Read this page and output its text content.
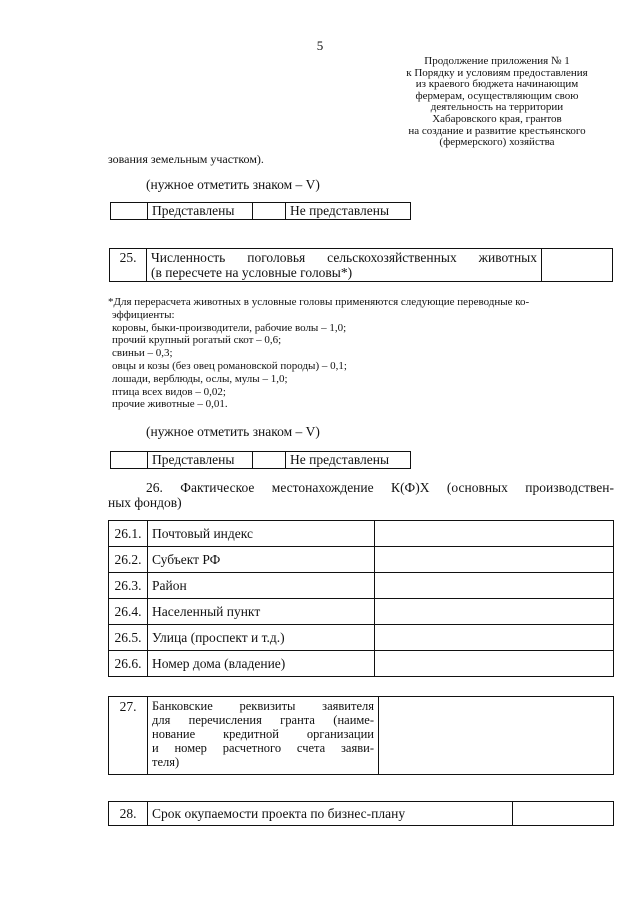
5
Продолжение приложения № 1
к Порядку и условиям предоставления
из краевого бюджета начинающим
фермерам, осуществляющим свою
деятельность на территории
Хабаровского края, грантов
на создание и развитие крестьянского
(фермерского) хозяйства
зования земельным участком).
(нужное отметить знаком – V)
	Представлены		Не представлены
25.	Численность поголовья сельскохозяйственных животных
(в пересчете на условные головы*)

*Для перерасчета животных в условные головы применяются следующие переводные ко-
эффициенты:
коровы, быки-производители, рабочие волы – 1,0;
прочий крупный рогатый скот – 0,6;
свиньи – 0,3;
овцы и козы (без овец романовской породы) – 0,1;
лошади, верблюды, ослы, мулы – 1,0;
птица всех видов – 0,02;
прочие животные – 0,01.
(нужное отметить знаком – V)
	Представлены		Не представлены
26. Фактическое местонахождение К(Ф)Х (основных производствен-
ных фондов)
26.1.	Почтовый индекс	
26.2.	Субъект РФ	
26.3.	Район	
26.4.	Населенный пункт	
26.5.	Улица (проспект и т.д.)	
26.6.	Номер дома (владение)	
27.	Банковские реквизиты заявителя
для перечисления гранта (наиме-
нование кредитной организации
и номер расчетного счета заяви-
теля)

28.	Срок окупаемости проекта по бизнес-плану	
